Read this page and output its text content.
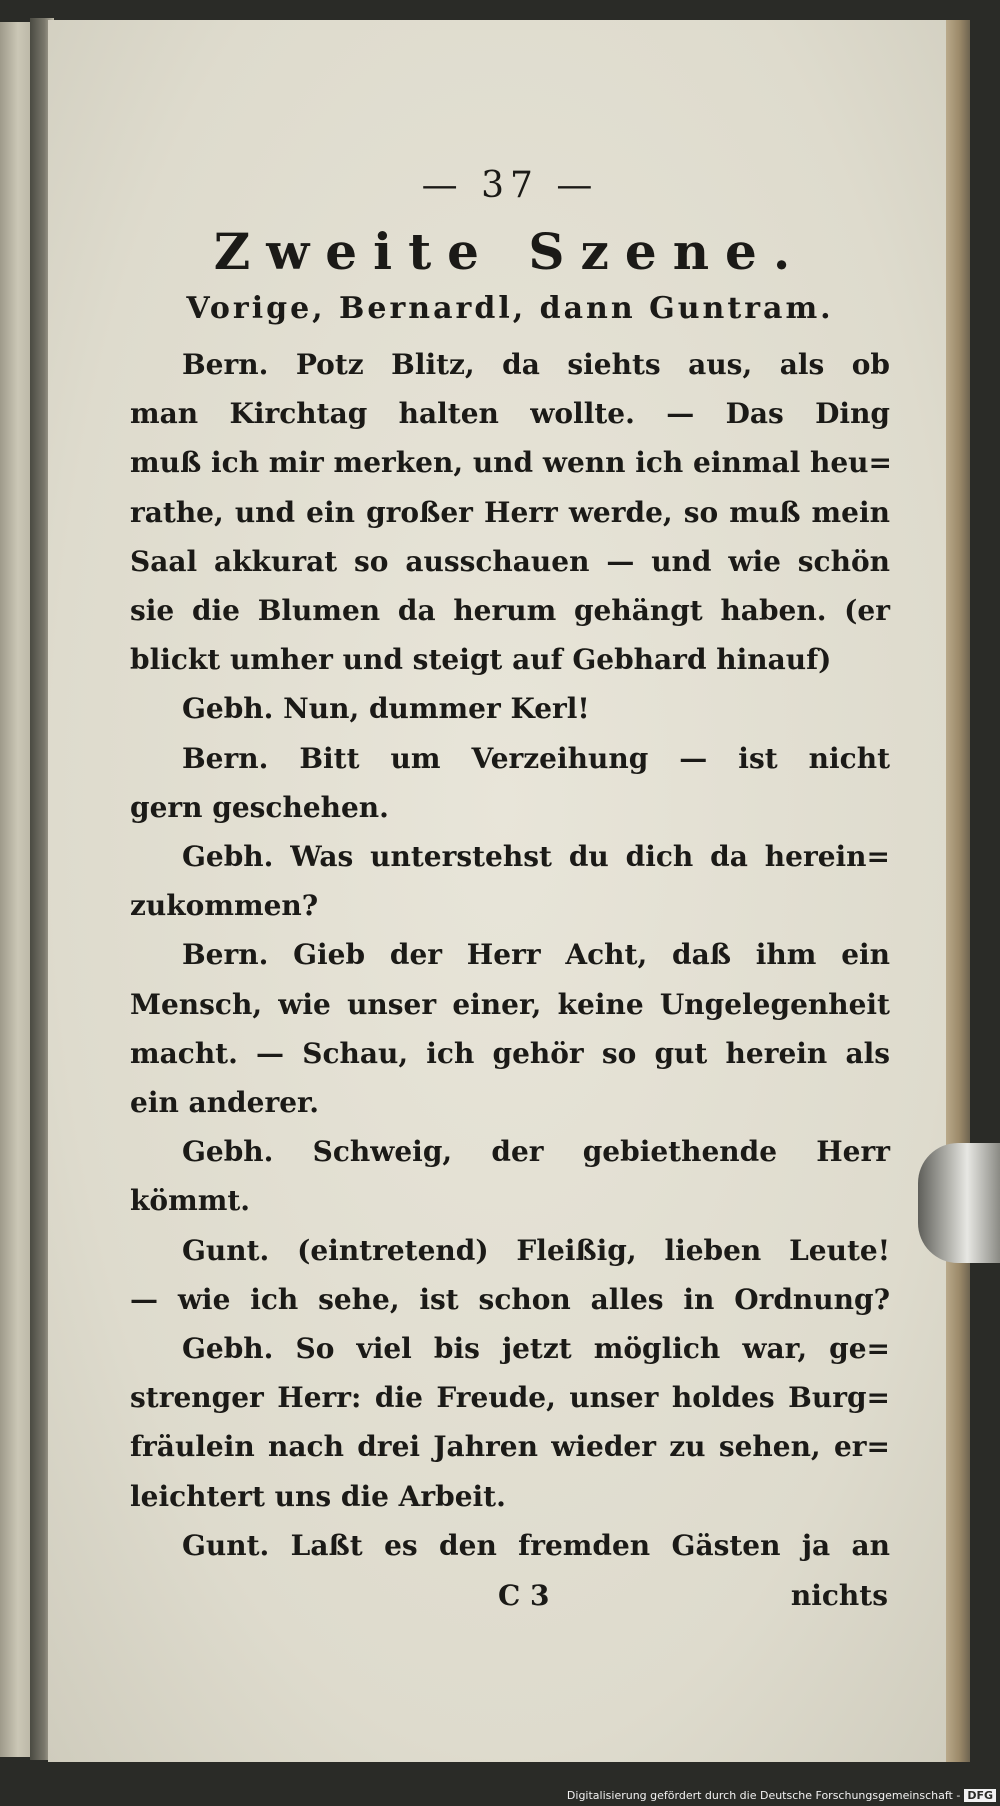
— 37 —
Zweite Szene.
Vorige, Bernardl, dann Guntram.
Bern. Potz Blitz, da siehts aus, als ob
man Kirchtag halten wollte. — Das Ding
muß ich mir merken, und wenn ich einmal heu=
rathe, und ein großer Herr werde, so muß mein
Saal akkurat so ausschauen — und wie schön
sie die Blumen da herum gehängt haben. (er
blickt umher und steigt auf Gebhard hinauf)
Gebh. Nun, dummer Kerl!
Bern. Bitt um Verzeihung — ist nicht
gern geschehen.
Gebh. Was unterstehst du dich da herein=
zukommen?
Bern. Gieb der Herr Acht, daß ihm ein
Mensch, wie unser einer, keine Ungelegenheit
macht. — Schau, ich gehör so gut herein als
ein anderer.
Gebh. Schweig, der gebiethende Herr
kömmt.
Gunt. (eintretend) Fleißig, lieben Leute!
— wie ich sehe, ist schon alles in Ordnung?
Gebh. So viel bis jetzt möglich war, ge=
strenger Herr: die Freude, unser holdes Burg=
fräulein nach drei Jahren wieder zu sehen, er=
leichtert uns die Arbeit.
Gunt. Laßt es den fremden Gästen ja an
C 3	nichts
Digitalisierung gefördert durch die Deutsche Forschungsgemeinschaft - DFG
